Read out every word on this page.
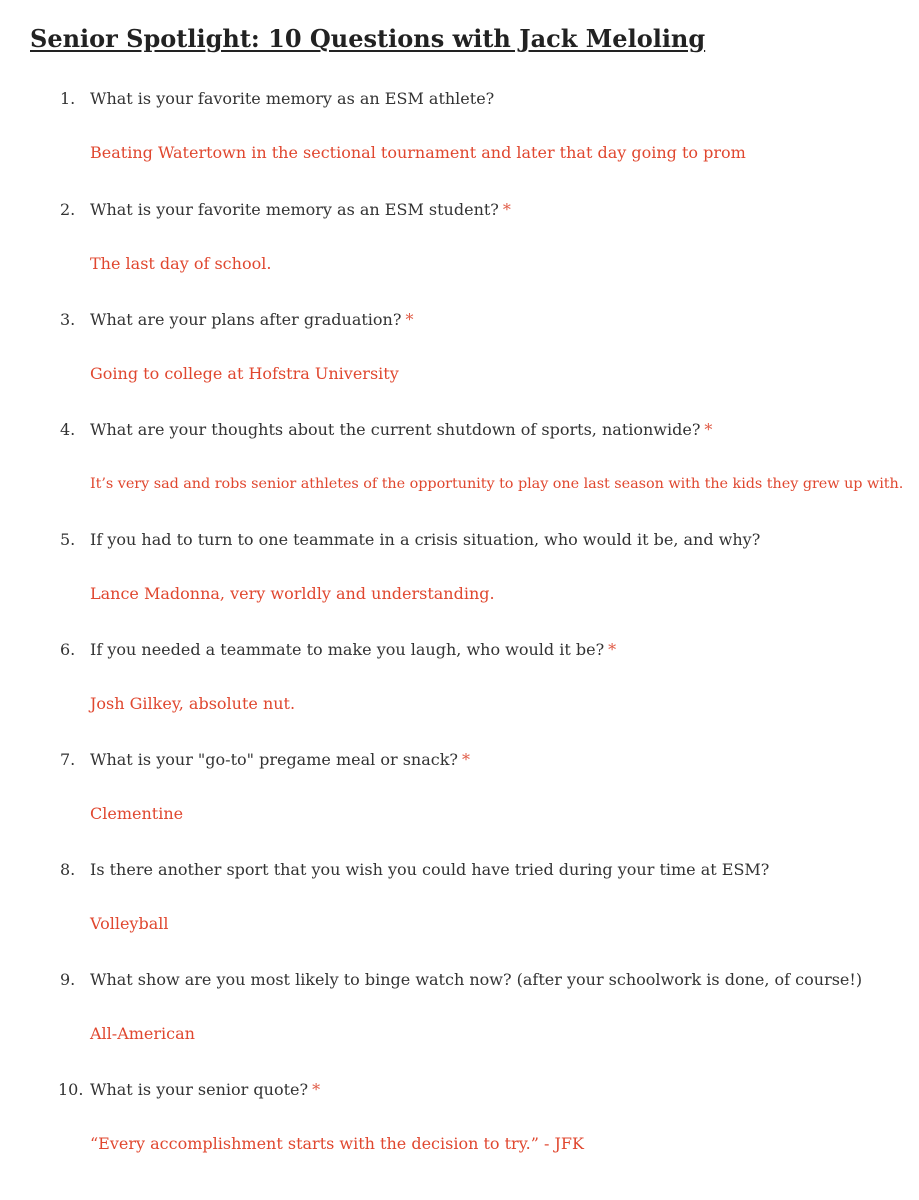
Senior Spotlight: 10 Questions with Jack Meloling
1. What is your favorite memory as an ESM athlete?
Beating Watertown in the sectional tournament and later that day going to prom
2. What is your favorite memory as an ESM student? *
The last day of school.
3. What are your plans after graduation? *
Going to college at Hofstra University
4. What are your thoughts about the current shutdown of sports, nationwide? *
It’s very sad and robs senior athletes of the opportunity to play one last season with the kids they grew up with.
5. If you had to turn to one teammate in a crisis situation, who would it be, and why?
Lance Madonna, very worldly and understanding.
6. If you needed a teammate to make you laugh, who would it be? *
Josh Gilkey, absolute nut.
7. What is your "go-to" pregame meal or snack? *
Clementine
8. Is there another sport that you wish you could have tried during your time at ESM?
Volleyball
9. What show are you most likely to binge watch now? (after your schoolwork is done, of course!)
All-American
10. What is your senior quote? *
“Every accomplishment starts with the decision to try.” - JFK
